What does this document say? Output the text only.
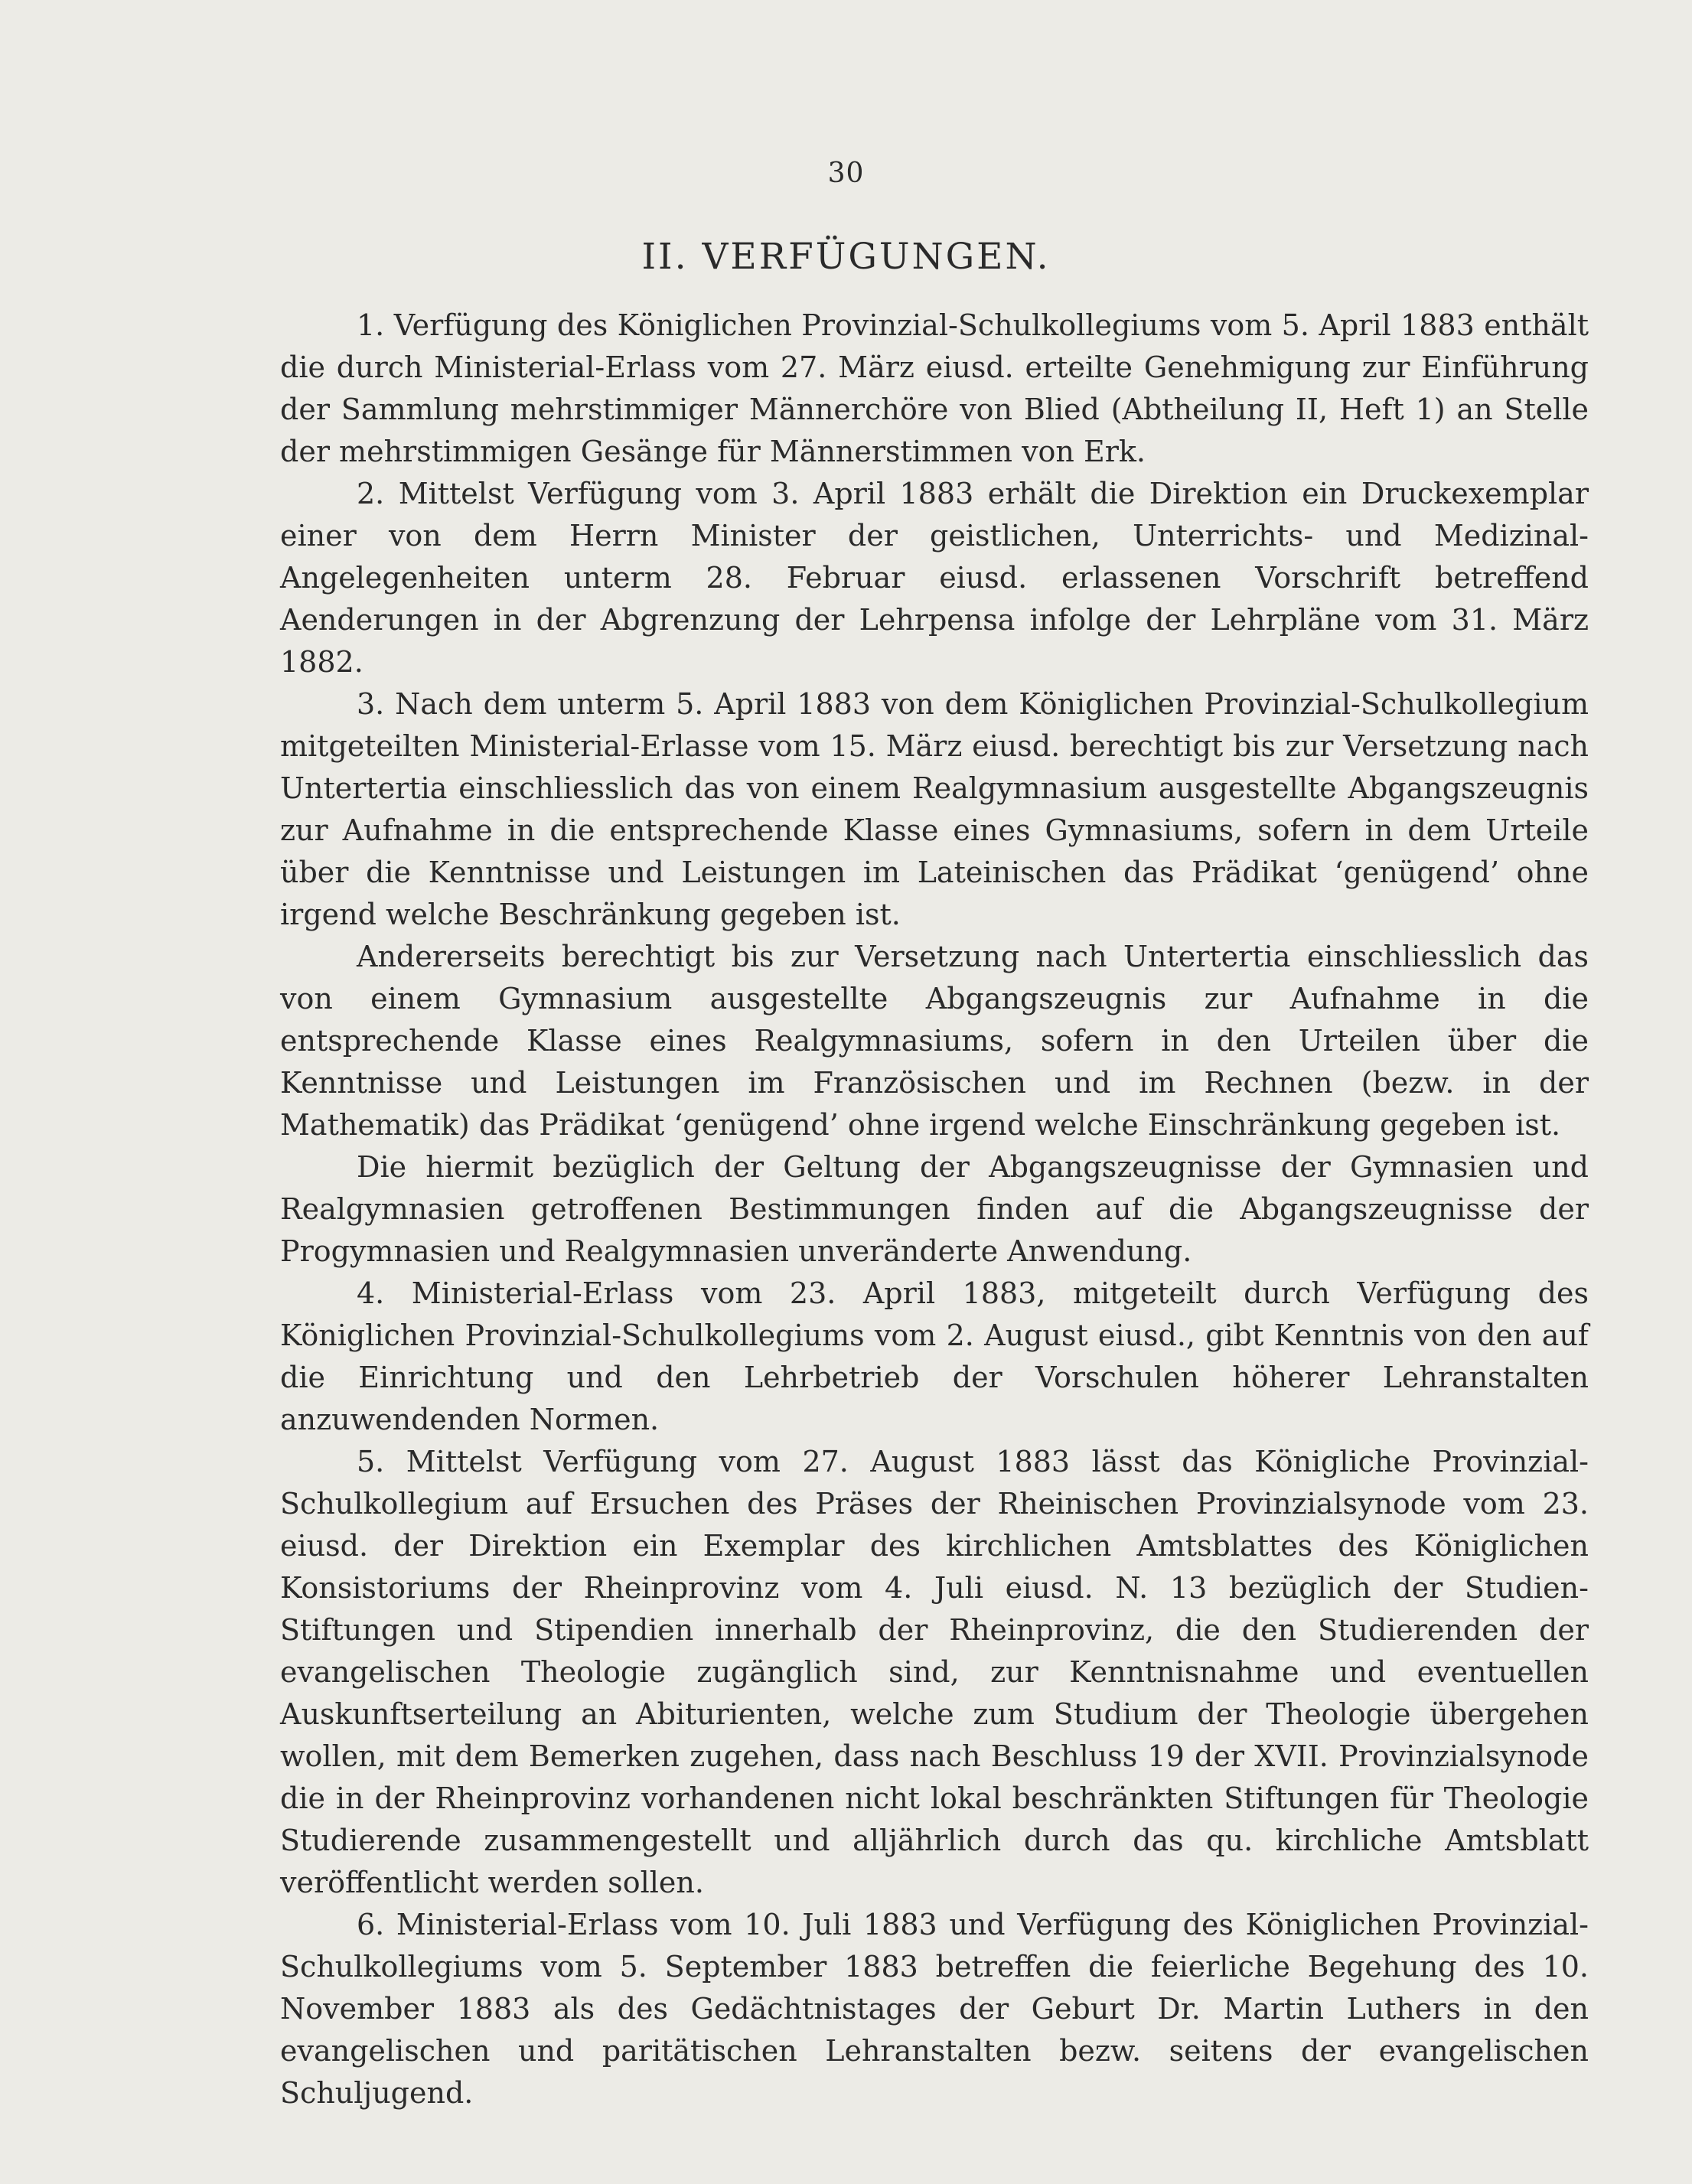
30
II. VERFÜGUNGEN.

1. Verfügung des Königlichen Provinzial-Schulkollegiums vom 5. April 1883 enthält die durch Ministerial-Erlass vom 27. März eiusd. erteilte Genehmigung zur Einführung der Sammlung mehrstimmiger Männerchöre von Blied (Abtheilung II, Heft 1) an Stelle der mehrstimmigen Gesänge für Männerstimmen von Erk.

2. Mittelst Verfügung vom 3. April 1883 erhält die Direktion ein Druckexemplar einer von dem Herrn Minister der geistlichen, Unterrichts- und Medizinal-Angelegenheiten unterm 28. Februar eiusd. erlassenen Vorschrift betreffend Aenderungen in der Abgrenzung der Lehrpensa infolge der Lehrpläne vom 31. März 1882.

3. Nach dem unterm 5. April 1883 von dem Königlichen Provinzial-Schulkollegium mitgeteilten Ministerial-Erlasse vom 15. März eiusd. berechtigt bis zur Versetzung nach Untertertia einschliesslich das von einem Realgymnasium ausgestellte Abgangszeugnis zur Aufnahme in die entsprechende Klasse eines Gymnasiums, sofern in dem Urteile über die Kenntnisse und Leistungen im Lateinischen das Prädikat ‘genügend’ ohne irgend welche Beschränkung gegeben ist.

Andererseits berechtigt bis zur Versetzung nach Untertertia einschliesslich das von einem Gymnasium ausgestellte Abgangszeugnis zur Aufnahme in die entsprechende Klasse eines Realgymnasiums, sofern in den Urteilen über die Kenntnisse und Leistungen im Französischen und im Rechnen (bezw. in der Mathematik) das Prädikat ‘genügend’ ohne irgend welche Einschränkung gegeben ist.

Die hiermit bezüglich der Geltung der Abgangszeugnisse der Gymnasien und Realgymnasien getroffenen Bestimmungen finden auf die Abgangszeugnisse der Progymnasien und Realgymnasien unveränderte Anwendung.

4. Ministerial-Erlass vom 23. April 1883, mitgeteilt durch Verfügung des Königlichen Provinzial-Schulkollegiums vom 2. August eiusd., gibt Kenntnis von den auf die Einrichtung und den Lehrbetrieb der Vorschulen höherer Lehranstalten anzuwendenden Normen.

5. Mittelst Verfügung vom 27. August 1883 lässt das Königliche Provinzial-Schulkollegium auf Ersuchen des Präses der Rheinischen Provinzialsynode vom 23. eiusd. der Direktion ein Exemplar des kirchlichen Amtsblattes des Königlichen Konsistoriums der Rheinprovinz vom 4. Juli eiusd. N. 13 bezüglich der Studien-Stiftungen und Stipendien innerhalb der Rheinprovinz, die den Studierenden der evangelischen Theologie zugänglich sind, zur Kenntnisnahme und eventuellen Auskunftserteilung an Abiturienten, welche zum Studium der Theologie übergehen wollen, mit dem Bemerken zugehen, dass nach Beschluss 19 der XVII. Provinzialsynode die in der Rheinprovinz vorhandenen nicht lokal beschränkten Stiftungen für Theologie Studierende zusammengestellt und alljährlich durch das qu. kirchliche Amtsblatt veröffentlicht werden sollen.

6. Ministerial-Erlass vom 10. Juli 1883 und Verfügung des Königlichen Provinzial-Schulkollegiums vom 5. September 1883 betreffen die feierliche Begehung des 10. November 1883 als des Gedächtnistages der Geburt Dr. Martin Luthers in den evangelischen und paritätischen Lehranstalten bezw. seitens der evangelischen Schuljugend.
